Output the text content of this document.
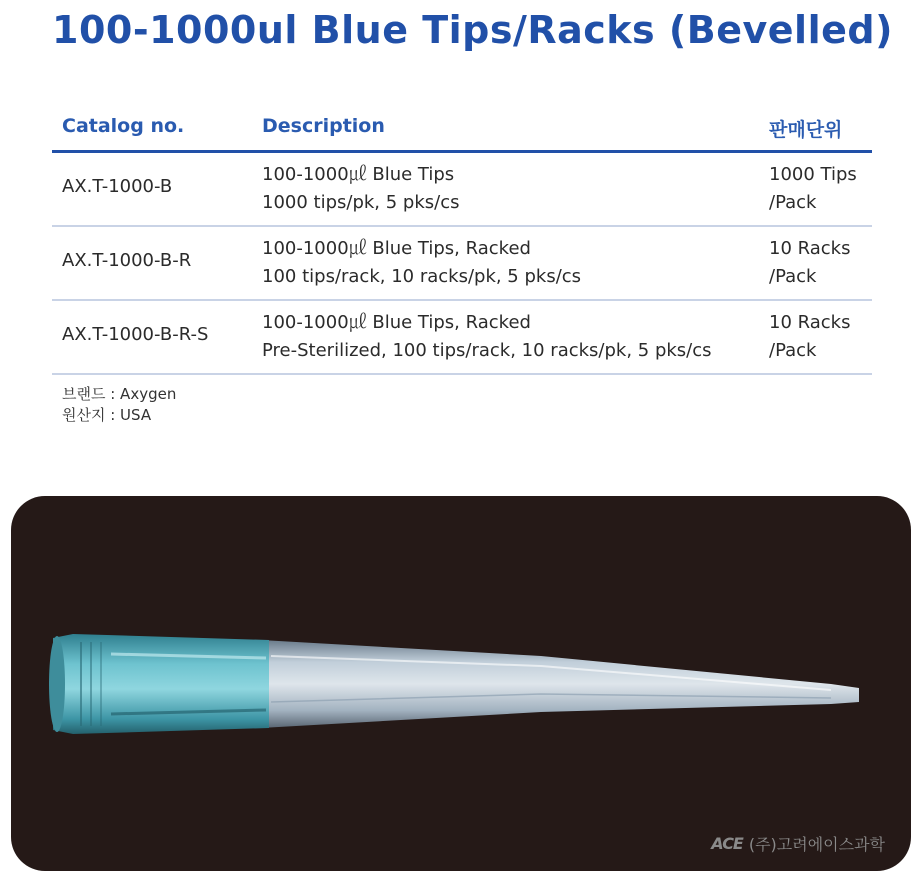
100-1000ul Blue Tips/Racks (Bevelled)
Catalog no.	Description	판매단위
AX.T-1000-B
100-1000㎕ Blue Tips
1000 tips/pk, 5 pks/cs
1000 Tips
/Pack
AX.T-1000-B-R
100-1000㎕ Blue Tips, Racked
100 tips/rack, 10 racks/pk, 5 pks/cs
10 Racks
/Pack
AX.T-1000-B-R-S
100-1000㎕ Blue Tips, Racked
Pre-Sterilized, 100 tips/rack, 10 racks/pk, 5 pks/cs
10 Racks
/Pack
브랜드 : Axygen
원산지 : USA
ACE (주)고려에이스과학
